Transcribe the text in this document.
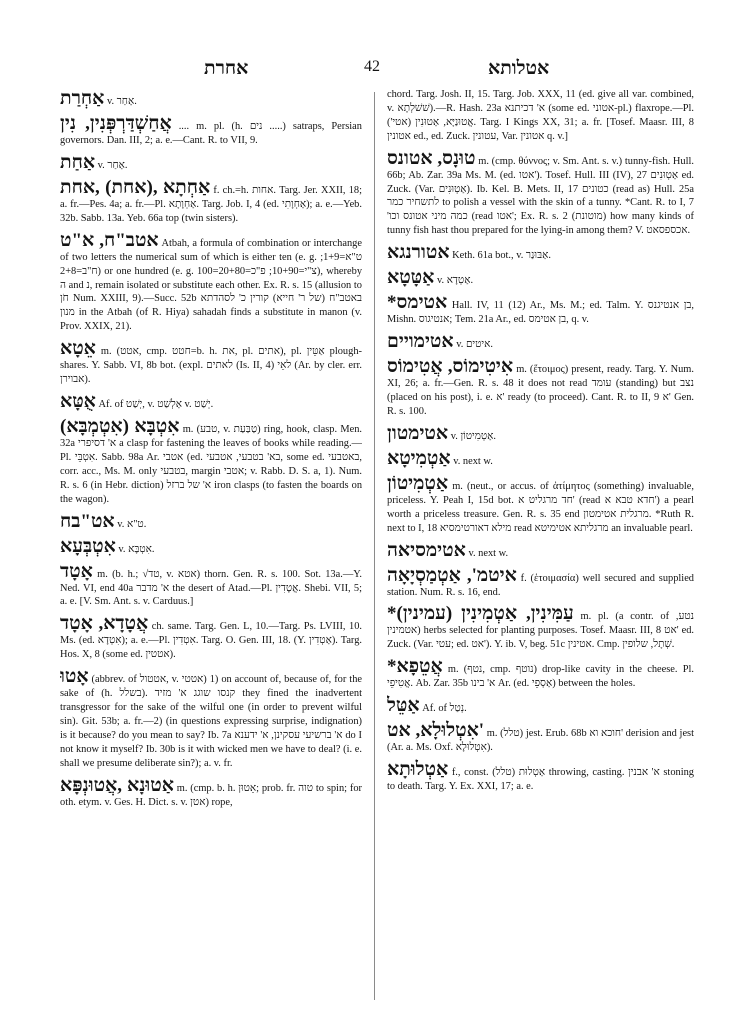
אחרת	42	אטלותא
אַחְרַת v. אַחַר.
אֲחַשְׁדַּרְפְּנִין, נִין .... m. pl. (h. נים .....) satraps, Persian governors. Dan. III, 2; a. e.—Cant. R. to VII, 9.
אַחַת v. אַחַר.
אַחְתָא ,(אחת) ,אחת f. ch.=h. אחות. Targ. Jer. XXII, 18; a. fr.—Pes. 4a; a. fr.—Pl. אַחְוָתָא. Targ. Job. I, 4 (ed. אַחְוָתִי); a. e.—Yeb. 32b. Sabb. 13a. Yeb. 66a top (twin sisters).
אטב"ח, א"ט Atbah, a formula of combination or interchange of two letters the numerical sum of which is either ten (e. g. ט"א=1+9; ח"ב=2+8) or one hundred (e. g. צ"י=10+90; פ"כ=20+80=100), whereby ה and נ, remain isolated or substitute each other. Ex. R. s. 15 (allusion to חֹן Num. XXIII, 9).—Succ. 52b באטב"ח (של ר' חייא) קורין כ' לסהדתא מנון in the Atbah (of R. Hiya) sahadah finds a substitute in manon (v. Prov. XXIX, 21).
אֵטָא m. (אטט, cmp. חטט=b. h. את, pl. אתים), pl. אַטֵּין plough-shares. Y. Sabb. VI, 8b bot. (expl. לאתים (Is. II, 4) לאֵי (Ar. by cler. err. אבוירן).
אֻטָּא Af. of יְשַׁט, v. אַלְשַׁט v. יְשַׁט.
(אִטְמְבָּא) אִטְבָּא m. (טבע, v. טַבַּעַת) ring, hook, clasp. Men. 32a א' דסיפרי a clasp for fastening the leaves of books while reading.—Pl. אִטְבֵּי. Sabb. 98a Ar. אטבי (ed. בא' בטבעי, אטבעי, some ed. באטבעי, corr. acc., Ms. M. only בטבעי, margin אטבי; v. Rabb. D. S. a, 1). Num. R. s. 6 (in Hebr. diction) א' של ברזל iron clasps (to fasten the boards on the wagon).
אט"בח v. ט"א.
אִטְבְּעָא v. אִטְבָּא.
אָטָד m. (b. h.; √טד, v. אטא) thorn. Gen. R. s. 100. Sot. 13a.—Y. Ned. VI, end 40a א' מדבר the desert of Atad.—Pl. אֲטָדִין. Shebi. VII, 5; a. e. [V. Sm. Ant. s. v. Carduus.]
אֲטָדָא, אָטָד ch. same. Targ. Gen. L, 10.—Targ. Ps. LVIII, 10. Ms. (ed. אִטְדָא); a. e.—Pl. אִטְדִין. Targ. O. Gen. III, 18. (Y. אַטְדִין). Targ. Hos. X, 8 (some ed. אטטין).
אָטוּ (abbrev. of אטטול, v. אטטי) 1) on account of, because of, for the sake of (h. בשלל). קנסו שוגג א' מזיד they fined the inadvertent transgressor for the sake of the wilful one (in order to prevent wilful sin). Git. 53b; a. fr.—2) (in questions expressing surprise, indignation) is it because? do you mean to say? Ib. 7a א' ברשיעי עסקינן, א' ידענא do I not know it myself? Ib. 30b is it with wicked men we have to deal? (i. e. shall we presume deliberate sin?); a. v. fr.
אַטוּנָא ,אֲטוּנְפָּא m. (cmp. b. h. אֵטוּן; prob. fr. טוה to spin; for oth. etym. v. Ges. H. Dict. s. v. אטן) rope,
chord. Targ. Josh. II, 15. Targ. Job. XXX, 11 (ed. give all var. combined, v. שׁשׁלְתָא).—R. Hash. 23a א' דכיתנא (some ed. אטוני-pl.) flaxrope.—Pl. אֲטוּנַיָּא, אַטוּנִין (אטי'). Targ. I Kings XX, 31; a. fr. [Tosef. Maasr. III, 8 אטונין ed., ed. Zuck. עטונין, Var. אטונין q. v.]
טוּנָס, אטונס m. (cmp. θύννος; v. Sm. Ant. s. v.) tunny-fish. Hull. 66b; Ab. Zar. 39a Ms. M. (ed. אטו'). Tosef. Hull. III (IV), 27 אַטְוּנִים ed. Zuck. (Var. אַטְוּנִים). Ib. Kel. B. Mets. II, 17 כטונים (read as) Hull. 25a לתשחיר כמר to polish a vessel with the skin of a tunny. *Cant. R. to I, 7 'כמה מיני אטונס וכו (read אטו'; Ex. R. s. 2 (מוטונת) how many kinds of tunny fish hast thou prepared for the lying-in among them? V. אכספסאט.
אטורנגא Keth. 61a bot., v. אַבּוּנַר.
אַטָּטָא v. אַטְדָא.
*אטימס Hall. IV, 11 (12) Ar., Ms. M.; ed. Talm. Y. בן אנטיגנס, Mishn. אנטיגוס; Tem. 21a Ar., ed. בן אטימס, q. v.
אטימויים v. איטים.
אִיטִימוֹס, אֲטִימוֹס m. (ἕτοιμος) present, ready. Targ. Y. Num. XI, 26; a. fr.—Gen. R. s. 48 it does not read עומד (standing) but נצב (placed on his post), i. e. א' ready (to proceed). Cant. R. to II, 9 א' Gen. R. s. 100.
אטימטון v. אַטְמִיטוֹן.
אַטְמִיטָא v. next w.
אַטְמִיטוֹן m. (neut., or accus. of ἀτίμητος (something) invaluable, priceless. Y. Peah I, 15d bot. חד מרגליט א' (read חדא טבא א') a pearl worth a priceless treasure. Gen. R. s. 35 end מרגלית אטימטון. *Ruth R. next to I, 18 מילא דאורטימסיא read מרגליתא אטימיטא an invaluable pearl.
אטימסיאה v. next w.
איטמ', אַטְמַסְיָאָה f. (ἑτοιμασία) well secured and supplied station. Num. R. s. 16, end.
*(עמינין) עַמִּינִין, אַטְמִינִין m. pl. (a contr. of נטע, אטמינין) herbs selected for planting purposes. Tosef. Maasr. III, 8 אט' ed. Zuck. (Var. עטי; ed. אט'). Y. ib. V, beg. 51c אטינין. Cmp. שְׁתָל, שלופין.
*אֲטֵפָא m. (נטף, cmp. נוטף) drop-like cavity in the cheese. Pl. אֲטִיפֵי. Ab. Zar. 35b א' בינו Ar. (ed. אַסְפֵי) between the holes.
אַטֵּל Af. of נְטַל.
אִטְלוּלָא, אט' m. (טלל) jest. Erub. 68b חוכא וא' derision and jest (Ar. a. Ms. Oxf. אִטְלוּלָא).
אַטְלוּתָא f., const. אַטְלוּת (טלל) throwing, casting. א' אבנין stoning to death. Targ. Y. Ex. XXI, 17; a. e.
